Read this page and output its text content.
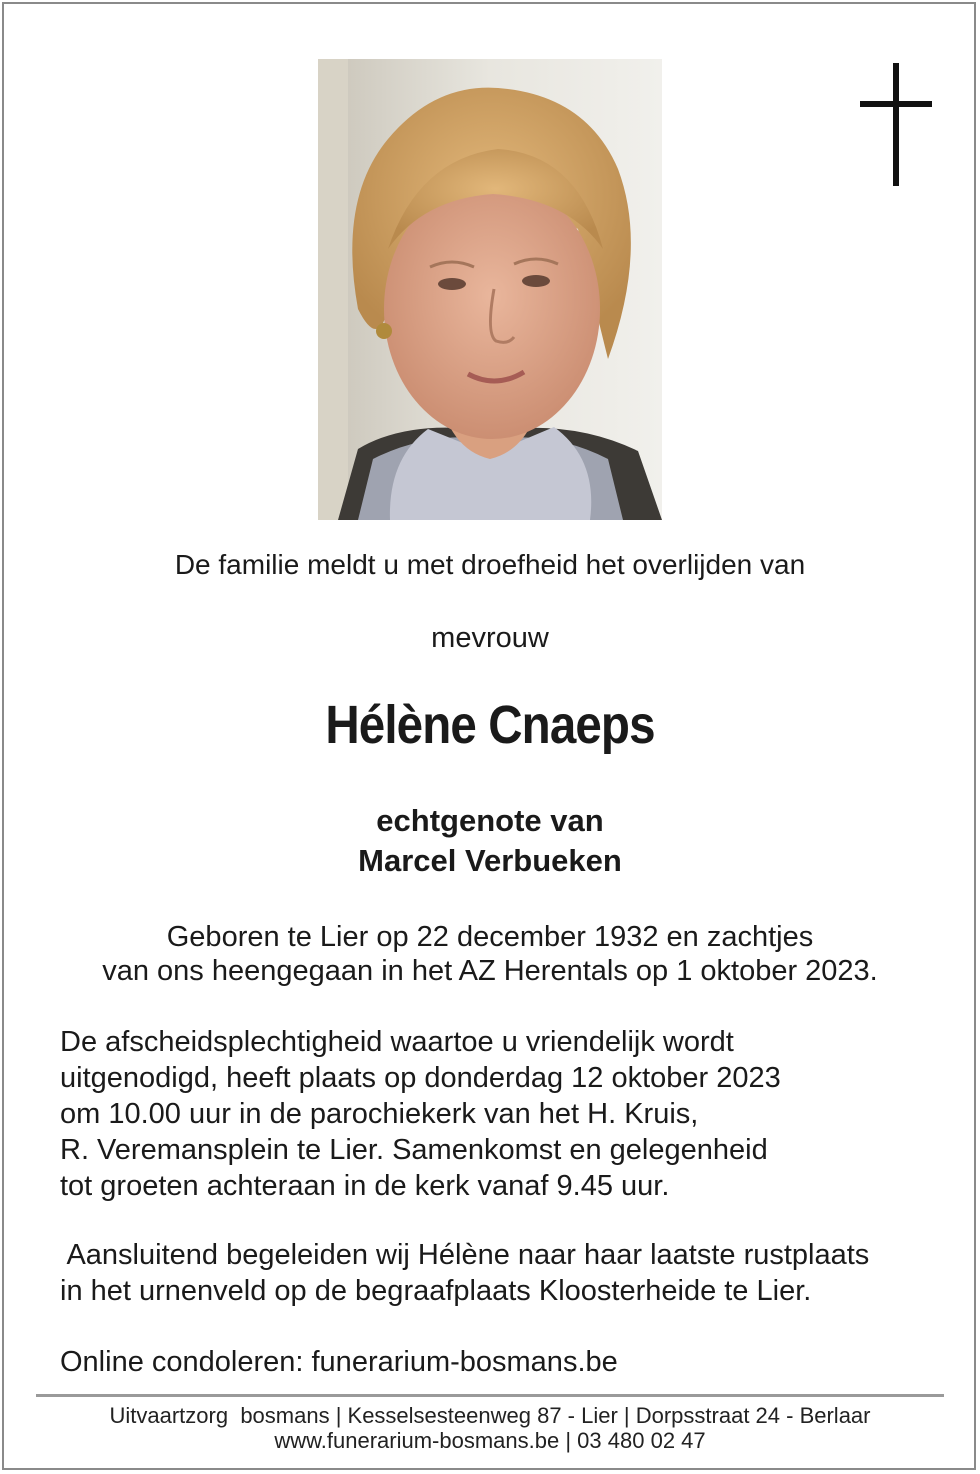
De familie meldt u met droefheid het overlijden van
mevrouw
Hélène Cnaeps
echtgenote van
Marcel Verbueken
Geboren te Lier op 22 december 1932 en zachtjes
van ons heengegaan in het AZ Herentals op 1 oktober 2023.
De afscheidsplechtigheid waartoe u vriendelijk wordt
uitgenodigd, heeft plaats op donderdag 12 oktober 2023
om 10.00 uur in de parochiekerk van het H. Kruis,
R. Veremansplein te Lier. Samenkomst en gelegenheid
tot groeten achteraan in de kerk vanaf 9.45 uur.
Aansluitend begeleiden wij Hélène naar haar laatste rustplaats
in het urnenveld op de begraafplaats Kloosterheide te Lier.
Online condoleren: funerarium-bosmans.be
Uitvaartzorg  bosmans | Kesselsesteenweg 87 - Lier | Dorpsstraat 24 - Berlaar
www.funerarium-bosmans.be | 03 480 02 47
